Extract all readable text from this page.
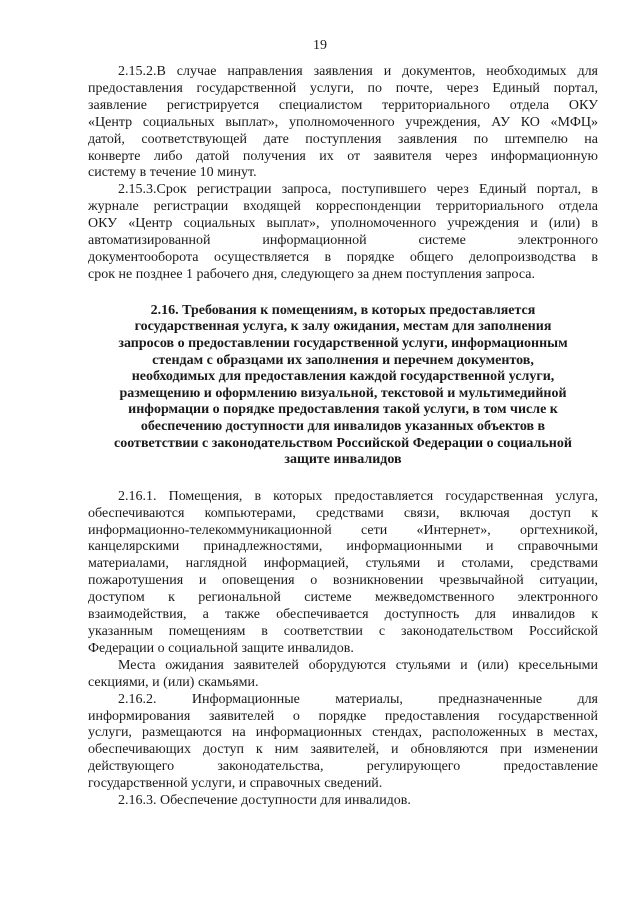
19
2.15.2.В случае направления заявления и документов, необходимых для
предоставления государственной услуги, по почте, через Единый портал,
заявление регистрируется специалистом территориального отдела ОКУ
«Центр социальных выплат», уполномоченного учреждения, АУ КО «МФЦ»
датой, соответствующей дате поступления заявления по штемпелю на
конверте либо датой получения их от заявителя через информационную
систему в течение 10 минут.
2.15.3.Срок регистрации запроса, поступившего через Единый портал, в
журнале регистрации входящей корреспонденции территориального отдела
ОКУ «Центр социальных выплат», уполномоченного учреждения и (или) в
автоматизированной информационной системе электронного
документооборота осуществляется в порядке общего делопроизводства в
срок не позднее 1 рабочего дня, следующего за днем поступления запроса.
2.16. Требования к помещениям, в которых предоставляется
государственная услуга, к залу ожидания, местам для заполнения
запросов о предоставлении государственной услуги, информационным
стендам с образцами их заполнения и перечнем документов,
необходимых для предоставления каждой государственной услуги,
размещению и оформлению визуальной, текстовой и мультимедийной
информации о порядке предоставления такой услуги, в том числе к
обеспечению доступности для инвалидов указанных объектов в
соответствии с законодательством Российской Федерации о социальной
защите инвалидов
2.16.1. Помещения, в которых предоставляется государственная услуга,
обеспечиваются компьютерами, средствами связи, включая доступ к
информационно-телекоммуникационной сети «Интернет», оргтехникой,
канцелярскими принадлежностями, информационными и справочными
материалами, наглядной информацией, стульями и столами, средствами
пожаротушения и оповещения о возникновении чрезвычайной ситуации,
доступом к региональной системе межведомственного электронного
взаимодействия, а также обеспечивается доступность для инвалидов к
указанным помещениям в соответствии с законодательством Российской
Федерации о социальной защите инвалидов.
Места ожидания заявителей оборудуются стульями и (или) кресельными
секциями, и (или) скамьями.
2.16.2. Информационные материалы, предназначенные для
информирования заявителей о порядке предоставления государственной
услуги, размещаются на информационных стендах, расположенных в местах,
обеспечивающих доступ к ним заявителей, и обновляются при изменении
действующего законодательства, регулирующего предоставление
государственной услуги, и справочных сведений.
2.16.3. Обеспечение доступности для инвалидов.
